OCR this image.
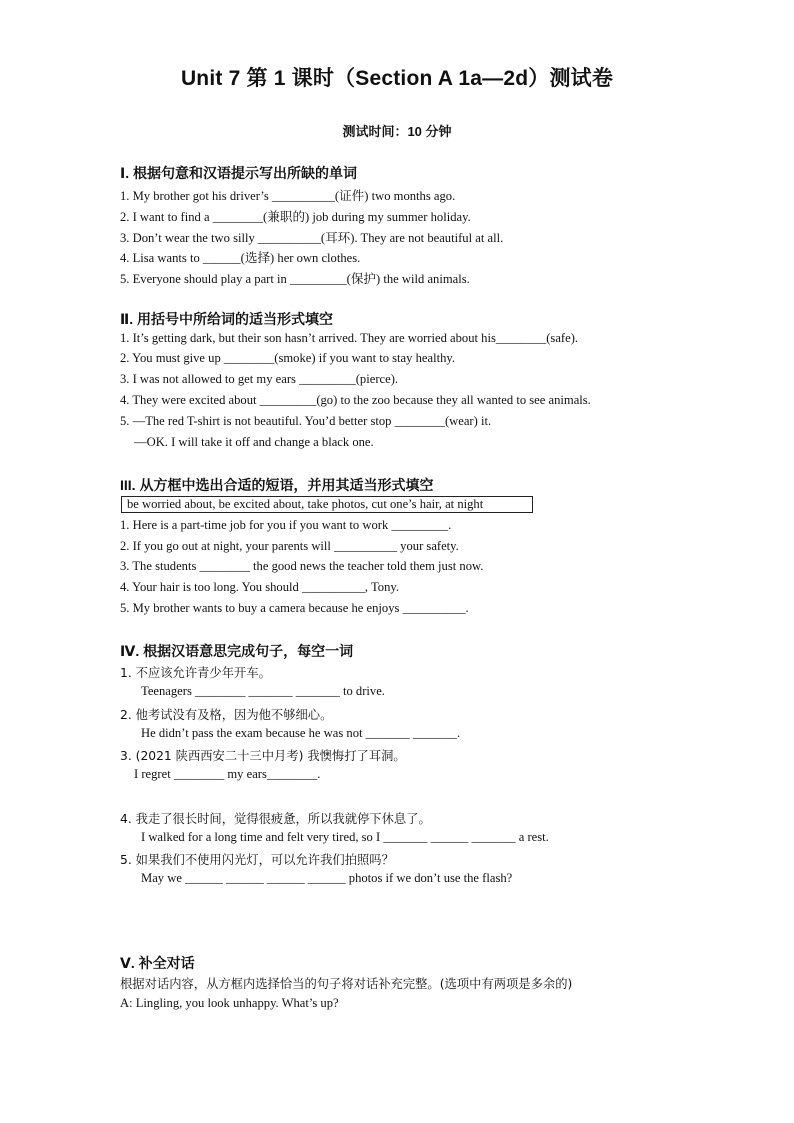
Unit 7 第 1 课时（Section A 1a—2d）测试卷
测试时间：10 分钟
Ⅰ. 根据句意和汉语提示写出所缺的单词
1. My brother got his driver’s __________(证件) two months ago.
2. I want to find a ________(兼职的) job during my summer holiday.
3. Don’t wear the two silly __________(耳环). They are not beautiful at all.
4. Lisa wants to ______(选择) her own clothes.
5. Everyone should play a part in _________(保护) the wild animals.
Ⅱ. 用括号中所给词的适当形式填空
1. It’s getting dark, but their son hasn’t arrived. They are worried about his________(safe).
2. You must give up ________(smoke) if you want to stay healthy.
3. I was not allowed to get my ears _________(pierce).
4. They were excited about _________(go) to the zoo because they all wanted to see animals.
5. —The red T-shirt is not beautiful. You’d better stop ________(wear) it.
—OK. I will take it off and change a black one.
III. 从方框中选出合适的短语，并用其适当形式填空
be worried about, be excited about, take photos, cut one’s hair, at night
1. Here is a part-time job for you if you want to work _________.
2. If you go out at night, your parents will __________ your safety.
3. The students ________ the good news the teacher told them just now.
4. Your hair is too long. You should __________, Tony.
5. My brother wants to buy a camera because he enjoys __________.
Ⅳ. 根据汉语意思完成句子，每空一词
1. 不应该允许青少年开车。
Teenagers ________ _______ _______ to drive.
2. 他考试没有及格，因为他不够细心。
He didn’t pass the exam because he was not _______ _______.
3. (2021 陕西西安二十三中月考) 我懊悔打了耳洞。
I regret ________ my ears________.
4. 我走了很长时间，觉得很疲惫，所以我就停下休息了。
I walked for a long time and felt very tired, so I _______ ______ _______ a rest.
5. 如果我们不使用闪光灯，可以允许我们拍照吗？
May we ______ ______ ______ ______ photos if we don’t use the flash?
Ⅴ. 补全对话
根据对话内容，从方框内选择恰当的句子将对话补充完整。(选项中有两项是多余的)
A: Lingling, you look unhappy. What’s up?
